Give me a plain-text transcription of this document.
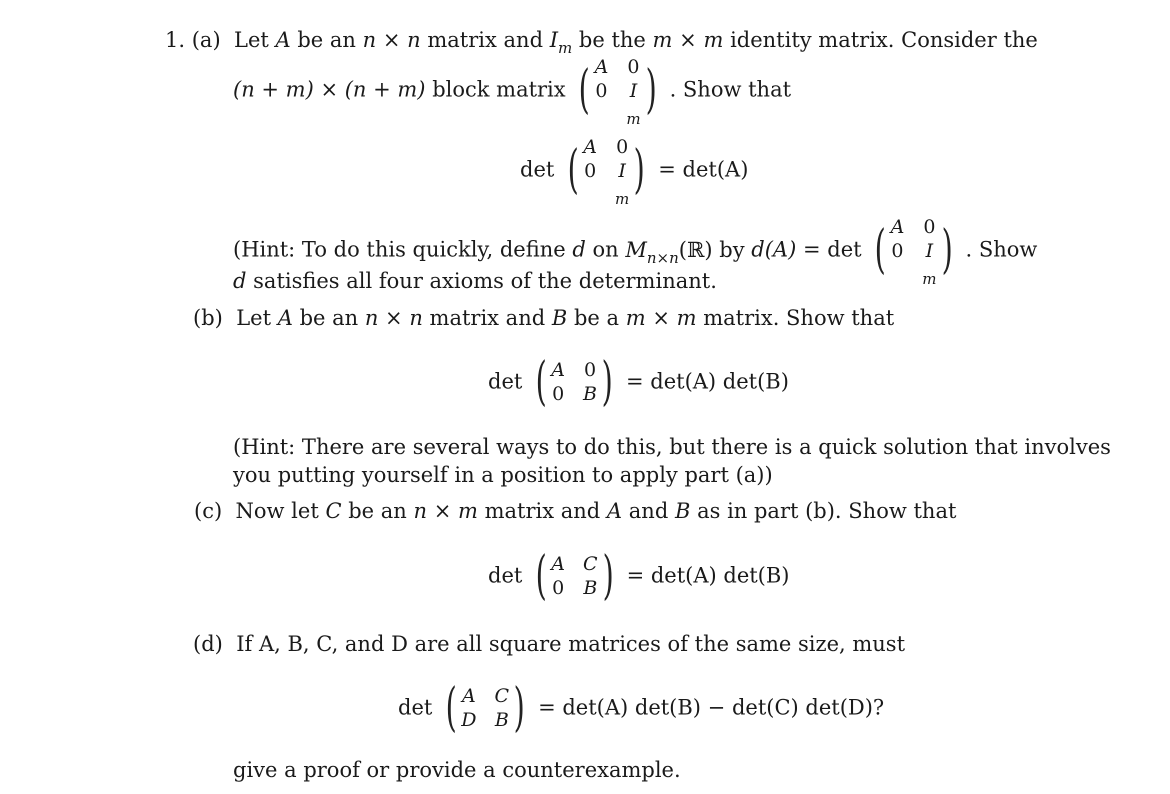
1. (a) Let A be an n × n matrix and $I_m$ be the m × m identity matrix. Consider the
(n + m) × (n + m) block matrix ( A 0
0 I
m ) . Show that
det ( A 0
0 I
m ) = det(A)
(Hint: To do this quickly, define d on $M_{n\times n}(ℝ)$ by d(A) = det ( A 0
0 I
m ) . Show
d satisfies all four axioms of the determinant.
(b) Let A be an n × n matrix and B be a m × m matrix. Show that
det ( A 0
0 B ) = det(A) det(B)
(Hint: There are several ways to do this, but there is a quick solution that involves
you putting yourself in a position to apply part (a))
(c) Now let C be an n × m matrix and A and B as in part (b). Show that
det ( A C
0 B ) = det(A) det(B)
(d) If A, B, C, and D are all square matrices of the same size, must
det ( A C
D B ) = det(A) det(B) − det(C) det(D)?
give a proof or provide a counterexample.
